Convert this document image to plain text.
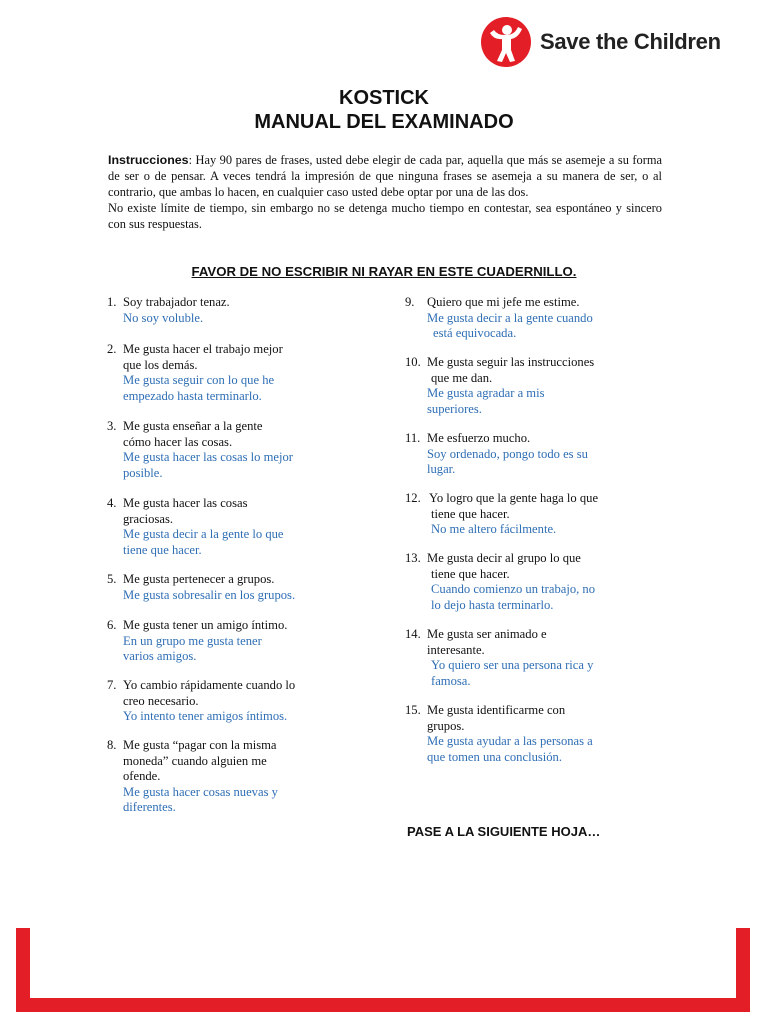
Save the Children
KOSTICK
MANUAL DEL EXAMINADO

Instrucciones: Hay 90 pares de frases, usted debe elegir de cada par, aquella que más se asemeje a su forma de ser o de pensar. A veces tendrá la impresión de que ninguna frases se asemeja a su manera de ser, o al contrario, que ambas lo hacen, en cualquier caso usted debe optar por una de las dos.

No existe límite de tiempo, sin embargo no se detenga mucho tiempo en contestar, sea espontáneo y sincero con sus respuestas.

FAVOR DE NO ESCRIBIR NI RAYAR EN ESTE CUADERNILLO.
1. Soy trabajador tenaz.
No soy voluble.
2. Me gusta hacer el trabajo mejor
que los demás.
Me gusta seguir con lo que he
empezado hasta terminarlo.
3. Me gusta enseñar a la gente
cómo hacer las cosas.
Me gusta hacer las cosas lo mejor
posible.
4. Me gusta hacer las cosas
graciosas.
Me gusta decir a la gente lo que
tiene que hacer.
5. Me gusta pertenecer a grupos.
Me gusta sobresalir en los grupos.
6. Me gusta tener un amigo íntimo.
En un grupo me gusta tener
varios amigos.
7. Yo cambio rápidamente cuando lo
creo necesario.
Yo intento tener amigos íntimos.
8. Me gusta “pagar con la misma
moneda” cuando alguien me
ofende.
Me gusta hacer cosas nuevas y
diferentes.
9. Quiero que mi jefe me estime.
Me gusta decir a la gente cuando
está equivocada.
10. Me gusta seguir las instrucciones
que me dan.
Me gusta agradar a mis
superiores.
11. Me esfuerzo mucho.
Soy ordenado, pongo todo es su
lugar.
12. Yo logro que la gente haga lo que
tiene que hacer.
No me altero fácilmente.
13. Me gusta decir al grupo lo que
tiene que hacer.
Cuando comienzo un trabajo, no
lo dejo hasta terminarlo.
14. Me gusta ser animado e
interesante.
Yo quiero ser una persona rica y
famosa.
15. Me gusta identificarme con
grupos.
Me gusta ayudar a las personas a
que tomen una conclusión.
PASE A LA SIGUIENTE HOJA…
